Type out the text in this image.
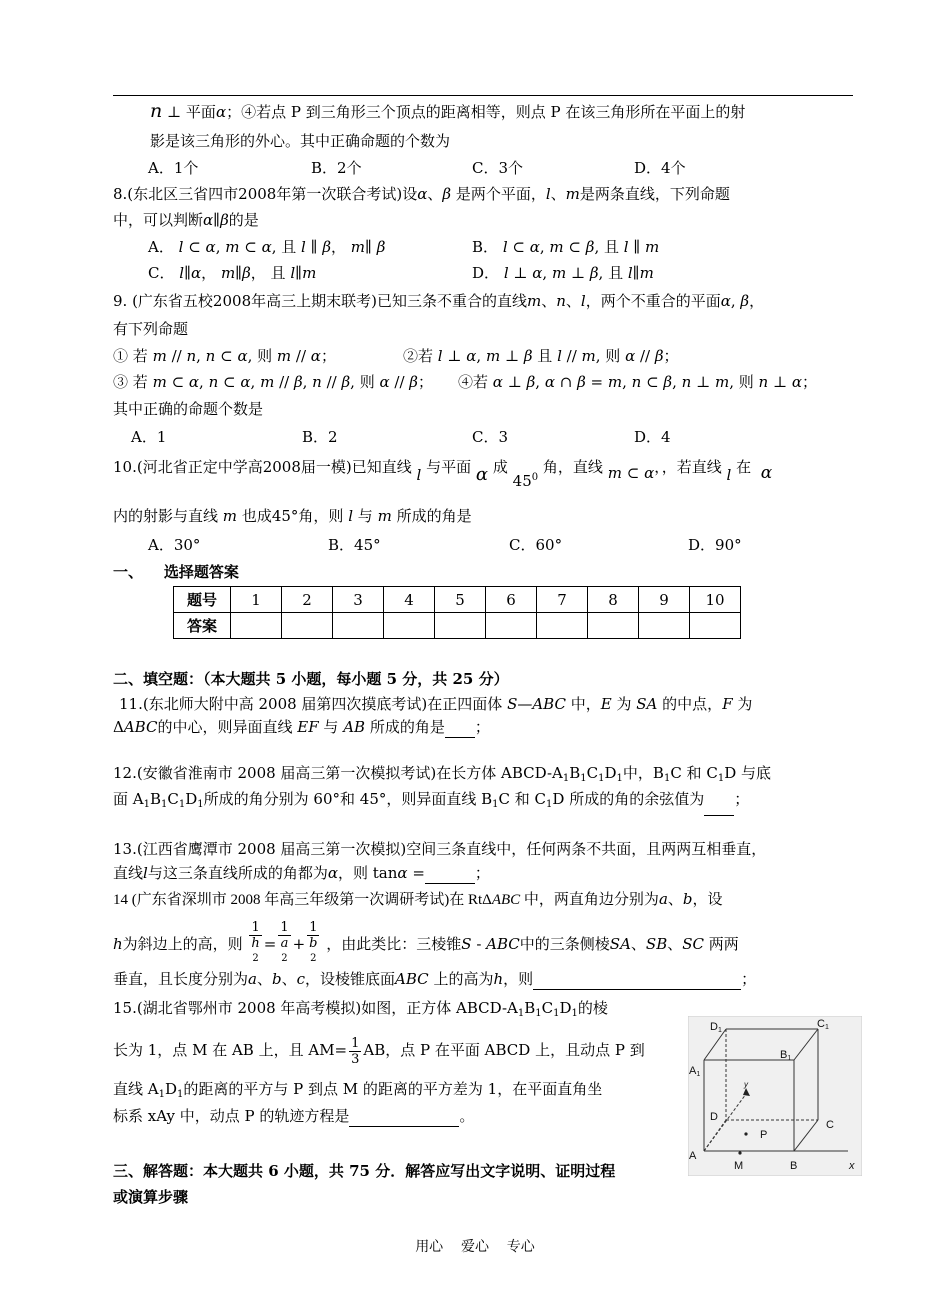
n ⊥ 平面α；④若点 P 到三角形三个顶点的距离相等，则点 P 在该三角形所在平面上的射
影是该三角形的外心。其中正确命题的个数为
A．1个	B．2个	C．3个	D．4个
8.(东北区三省四市2008年第一次联合考试)设α、β 是两个平面，l、m是两条直线，下列命题
中，可以判断α∥β的是
A． l ⊂ α, m ⊂ α, 且 l ∥ β， m∥ β	B． l ⊂ α, m ⊂ β, 且 l ∥ m
C． l∥α， m∥β， 且 l∥m	D． l ⊥ α, m ⊥ β, 且 l∥m
9. (广东省五校2008年高三上期末联考)已知三条不重合的直线m、n、l，两个不重合的平面α, β，
有下列命题
① 若 m // n, n ⊂ α, 则 m // α；	②若 l ⊥ α, m ⊥ β 且 l // m, 则 α // β；
③ 若 m ⊂ α, n ⊂ α, m // β, n // β, 则 α // β； ④若 α ⊥ β, α ∩ β = m, n ⊂ β, n ⊥ m, 则 n ⊥ α；
其中正确的命题个数是
A．1	B．2	C．3	D．4
10.(河北省正定中学高2008届一模)已知直线 l 与平面 α 成 $45^0$ 角，直线 m ⊂ α，，若直线 l 在 α
内的射影与直线 m 也成45°角，则 l 与 m 所成的角是
A．30°	B．45°	C．60°	D．90°
一、    选择题答案
题号	1	2	3	4	5	6	7	8	9	10
答案										
二、填空题：（本大题共 5 小题，每小题 5 分，共 25 分）
11.(东北师大附中高 2008 届第四次摸底考试)在正四面体 S—ABC 中，E 为 SA 的中点，F 为
ΔABC的中心，则异面直线 EF 与 AB 所成的角是 ；
12.(安徽省淮南市 2008 届高三第一次模拟考试)在长方体 ABCD-$A_1B_1C_1D_1$中，$B_1C$ 和 $C_1D$ 与底
面 $A_1B_1C_1D_1$所成的角分别为 60°和 45°，则异面直线 $B_1C$ 和 $C_1D$ 所成的角的余弦值为 ；
13.(江西省鹰潭市 2008 届高三第一次模拟)空间三条直线中，任何两条不共面，且两两互相垂直，
直线l与这三条直线所成的角都为α，则 tanα =	；
14 (广东省深圳市 2008 年高三年级第一次调研考试)在 RtΔABC 中，两直角边分别为a、b，设
h为斜边上的高，则 1
h
$^2$ = 1
a
$^2$ + 1
b
$^2$ ，由此类比：三棱锥S - ABC中的三条侧棱SA、SB、SC 两两
垂直，且长度分别为a、b、c，设棱锥底面ABC 上的高为h，则	；
15.(湖北省鄂州市 2008 年高考模拟)如图，正方体 ABCD-$A_1B_1C_1D_1$的棱
长为 1，点 M 在 AB 上，且 $AM= \frac{1}{3}$ AB，点 P 在平面 ABCD 上，且动点 P 到
直线 $A_1D_1$的距离的平方与 P 到点 M 的距离的平方差为 1，在平面直角坐
标系 xAy 中，动点 P 的轨迹方程是	。
D1
C1
A1
B1
D
C
A
M	B
P
x
y
三、解答题：本大题共 6 小题，共 75 分．解答应写出文字说明、证明过程
或演算步骤
用心    爱心    专心
